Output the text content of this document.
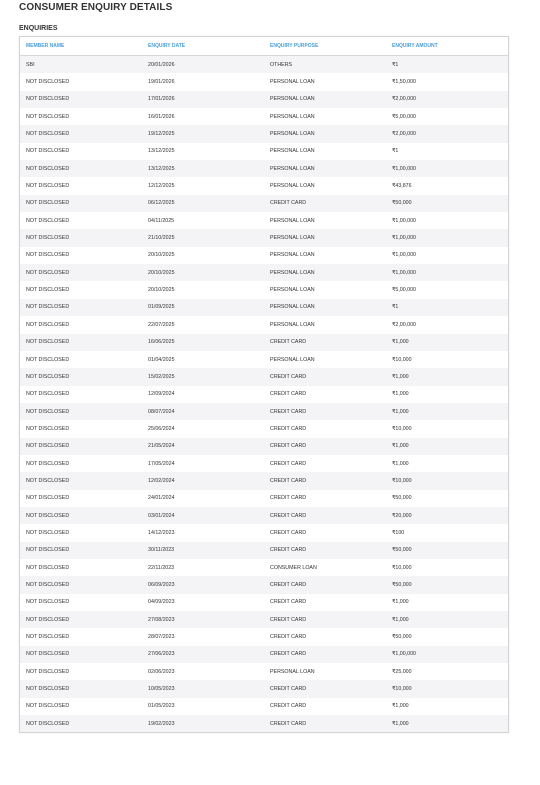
CONSUMER ENQUIRY DETAILS
ENQUIRIES
MEMBER NAME	ENQUIRY DATE	ENQUIRY PURPOSE	ENQUIRY AMOUNT
SBI	20/01/2026	OTHERS	₹1
NOT DISCLOSED	19/01/2026	PERSONAL LOAN	₹1,50,000
NOT DISCLOSED	17/01/2026	PERSONAL LOAN	₹2,00,000
NOT DISCLOSED	16/01/2026	PERSONAL LOAN	₹5,00,000
NOT DISCLOSED	19/12/2025	PERSONAL LOAN	₹2,00,000
NOT DISCLOSED	13/12/2025	PERSONAL LOAN	₹1
NOT DISCLOSED	13/12/2025	PERSONAL LOAN	₹1,00,000
NOT DISCLOSED	12/12/2025	PERSONAL LOAN	₹43,876
NOT DISCLOSED	06/12/2025	CREDIT CARD	₹50,000
NOT DISCLOSED	04/11/2025	PERSONAL LOAN	₹1,00,000
NOT DISCLOSED	21/10/2025	PERSONAL LOAN	₹1,00,000
NOT DISCLOSED	20/10/2025	PERSONAL LOAN	₹1,00,000
NOT DISCLOSED	20/10/2025	PERSONAL LOAN	₹1,00,000
NOT DISCLOSED	20/10/2025	PERSONAL LOAN	₹5,00,000
NOT DISCLOSED	01/09/2025	PERSONAL LOAN	₹1
NOT DISCLOSED	22/07/2025	PERSONAL LOAN	₹2,00,000
NOT DISCLOSED	16/06/2025	CREDIT CARD	₹1,000
NOT DISCLOSED	01/04/2025	PERSONAL LOAN	₹10,000
NOT DISCLOSED	15/02/2025	CREDIT CARD	₹1,000
NOT DISCLOSED	12/09/2024	CREDIT CARD	₹1,000
NOT DISCLOSED	08/07/2024	CREDIT CARD	₹1,000
NOT DISCLOSED	25/06/2024	CREDIT CARD	₹10,000
NOT DISCLOSED	21/05/2024	CREDIT CARD	₹1,000
NOT DISCLOSED	17/05/2024	CREDIT CARD	₹1,000
NOT DISCLOSED	12/02/2024	CREDIT CARD	₹10,000
NOT DISCLOSED	24/01/2024	CREDIT CARD	₹50,000
NOT DISCLOSED	03/01/2024	CREDIT CARD	₹20,000
NOT DISCLOSED	14/12/2023	CREDIT CARD	₹100
NOT DISCLOSED	30/11/2023	CREDIT CARD	₹50,000
NOT DISCLOSED	22/11/2023	CONSUMER LOAN	₹10,000
NOT DISCLOSED	06/09/2023	CREDIT CARD	₹50,000
NOT DISCLOSED	04/09/2023	CREDIT CARD	₹1,000
NOT DISCLOSED	27/08/2023	CREDIT CARD	₹1,000
NOT DISCLOSED	28/07/2023	CREDIT CARD	₹50,000
NOT DISCLOSED	27/06/2023	CREDIT CARD	₹1,00,000
NOT DISCLOSED	02/06/2023	PERSONAL LOAN	₹25,000
NOT DISCLOSED	10/05/2023	CREDIT CARD	₹10,000
NOT DISCLOSED	01/05/2023	CREDIT CARD	₹1,000
NOT DISCLOSED	19/02/2023	CREDIT CARD	₹1,000
